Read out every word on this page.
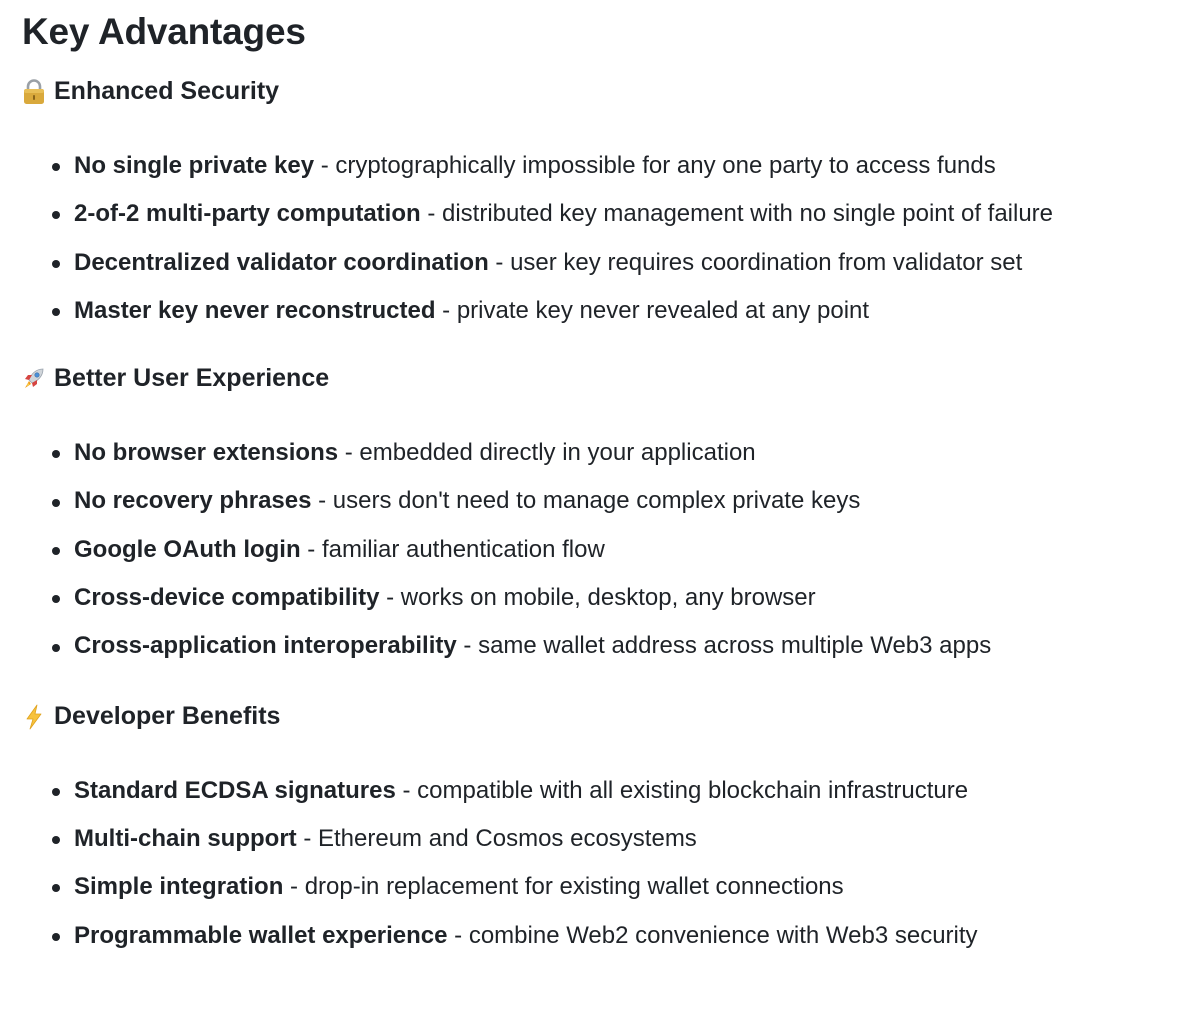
Key Advantages
Enhanced Security
No single private key - cryptographically impossible for any one party to access funds
2-of-2 multi-party computation - distributed key management with no single point of failure
Decentralized validator coordination - user key requires coordination from validator set
Master key never reconstructed - private key never revealed at any point
Better User Experience
No browser extensions - embedded directly in your application
No recovery phrases - users don't need to manage complex private keys
Google OAuth login - familiar authentication flow
Cross-device compatibility - works on mobile, desktop, any browser
Cross-application interoperability - same wallet address across multiple Web3 apps
Developer Benefits
Standard ECDSA signatures - compatible with all existing blockchain infrastructure
Multi-chain support - Ethereum and Cosmos ecosystems
Simple integration - drop-in replacement for existing wallet connections
Programmable wallet experience - combine Web2 convenience with Web3 security
